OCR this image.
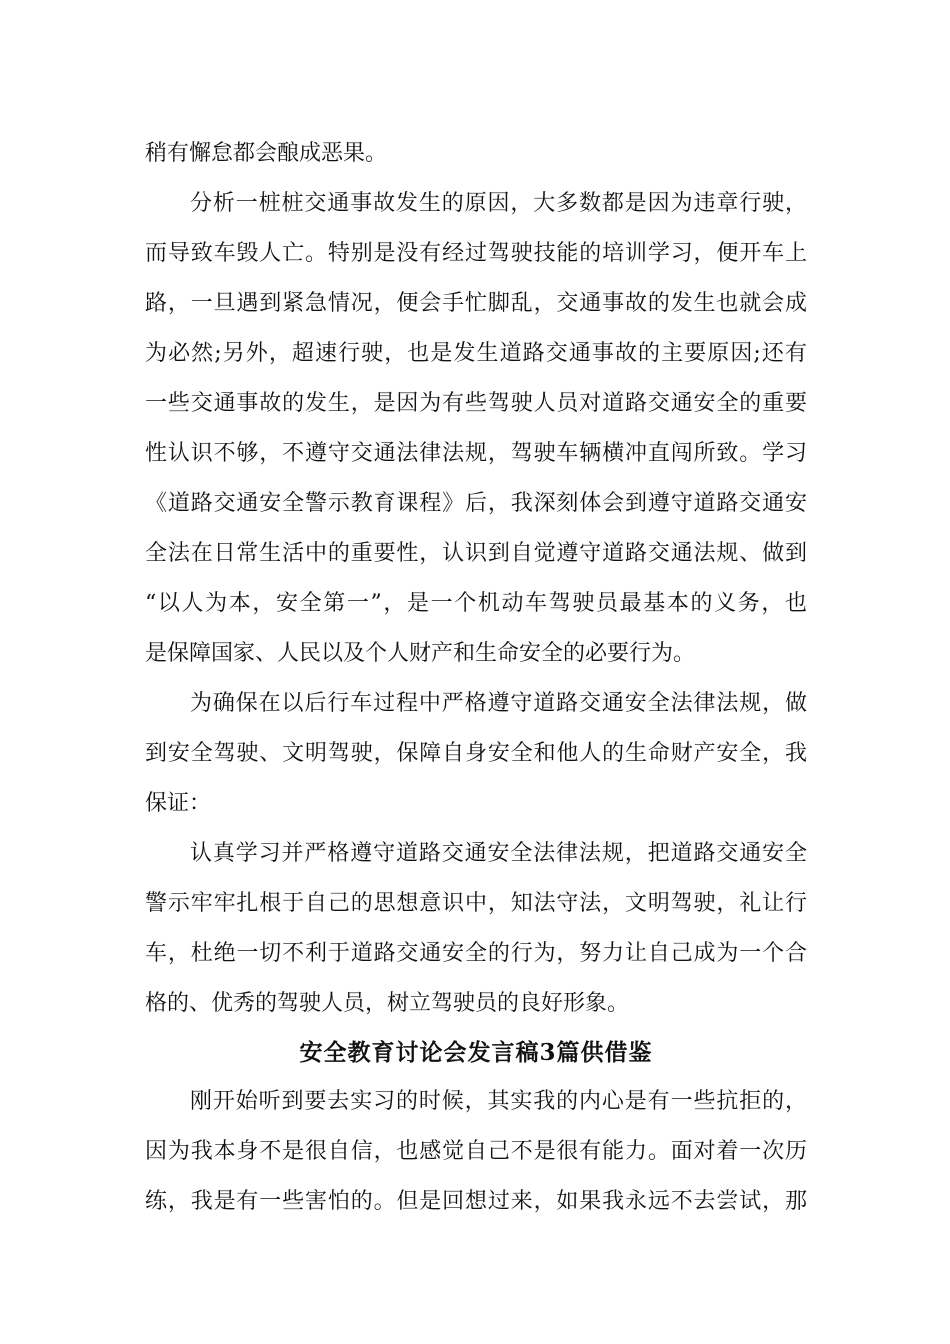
稍有懈怠都会酿成恶果。
分析一桩桩交通事故发生的原因，大多数都是因为违章行驶，
而导致车毁人亡。特别是没有经过驾驶技能的培训学习，便开车上
路，一旦遇到紧急情况，便会手忙脚乱，交通事故的发生也就会成
为必然;另外，超速行驶，也是发生道路交通事故的主要原因;还有
一些交通事故的发生，是因为有些驾驶人员对道路交通安全的重要
性认识不够，不遵守交通法律法规，驾驶车辆横冲直闯所致。学习
《道路交通安全警示教育课程》后，我深刻体会到遵守道路交通安
全法在日常生活中的重要性，认识到自觉遵守道路交通法规、做到
“以人为本，安全第一”，是一个机动车驾驶员最基本的义务，也
是保障国家、人民以及个人财产和生命安全的必要行为。
为确保在以后行车过程中严格遵守道路交通安全法律法规，做
到安全驾驶、文明驾驶，保障自身安全和他人的生命财产安全，我
保证：
认真学习并严格遵守道路交通安全法律法规，把道路交通安全
警示牢牢扎根于自己的思想意识中，知法守法，文明驾驶，礼让行
车，杜绝一切不利于道路交通安全的行为，努力让自己成为一个合
格的、优秀的驾驶人员，树立驾驶员的良好形象。
安全教育讨论会发言稿3篇供借鉴
刚开始听到要去实习的时候，其实我的内心是有一些抗拒的，
因为我本身不是很自信，也感觉自己不是很有能力。面对着一次历
练，我是有一些害怕的。但是回想过来，如果我永远不去尝试，那
